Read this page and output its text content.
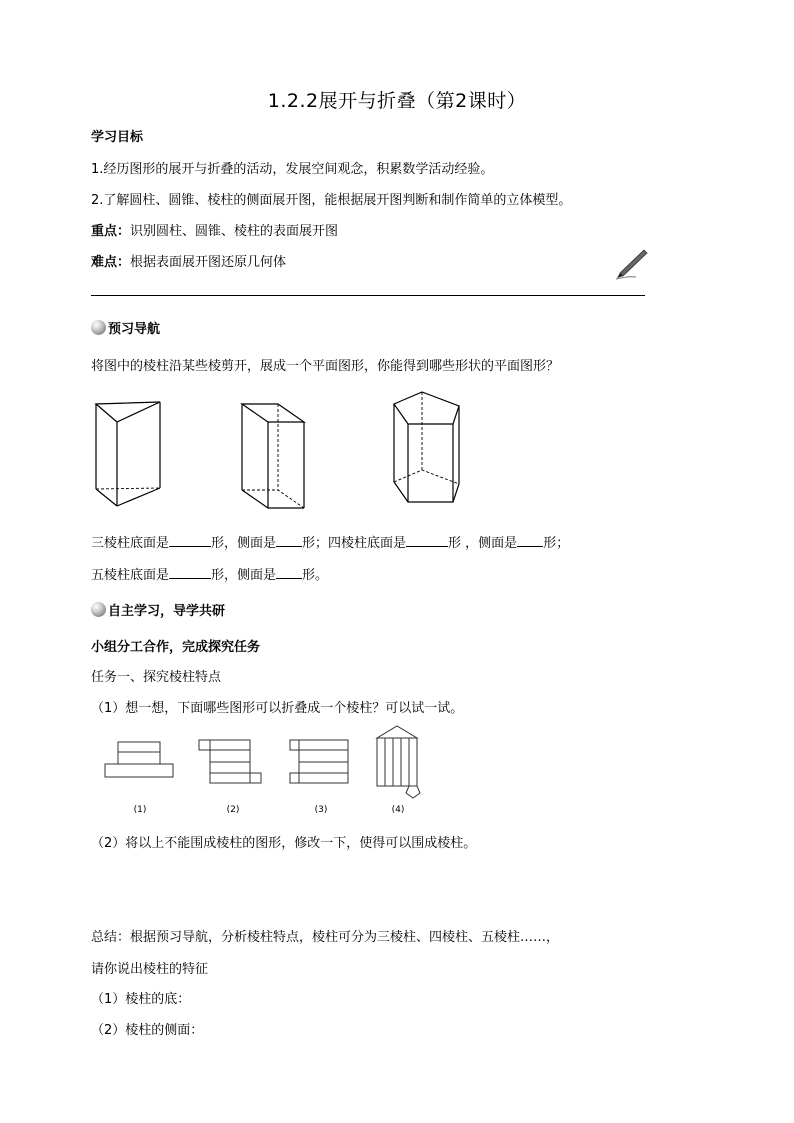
1.2.2展开与折叠（第2课时）
学习目标
1.经历图形的展开与折叠的活动，发展空间观念，积累数学活动经验。
2.了解圆柱、圆锥、棱柱的侧面展开图，能根据展开图判断和制作简单的立体模型。
重点：识别圆柱、圆锥、棱柱的表面展开图
难点：根据表面展开图还原几何体
预习导航
将图中的棱柱沿某些棱剪开，展成一个平面图形，你能得到哪些形状的平面图形？
三棱柱底面是	形，侧面是 形；四棱柱底面是	形 ，侧面是 形；
五棱柱底面是	形，侧面是 形。
自主学习，导学共研
小组分工合作，完成探究任务
任务一、探究棱柱特点
（1）想一想，下面哪些图形可以折叠成一个棱柱？可以试一试。
(1)	(2)	(3)	(4)
（2）将以上不能围成棱柱的图形，修改一下，使得可以围成棱柱。
总结：根据预习导航，分析棱柱特点，棱柱可分为三棱柱、四棱柱、五棱柱……，
请你说出棱柱的特征
（1）棱柱的底：
（2）棱柱的侧面：
